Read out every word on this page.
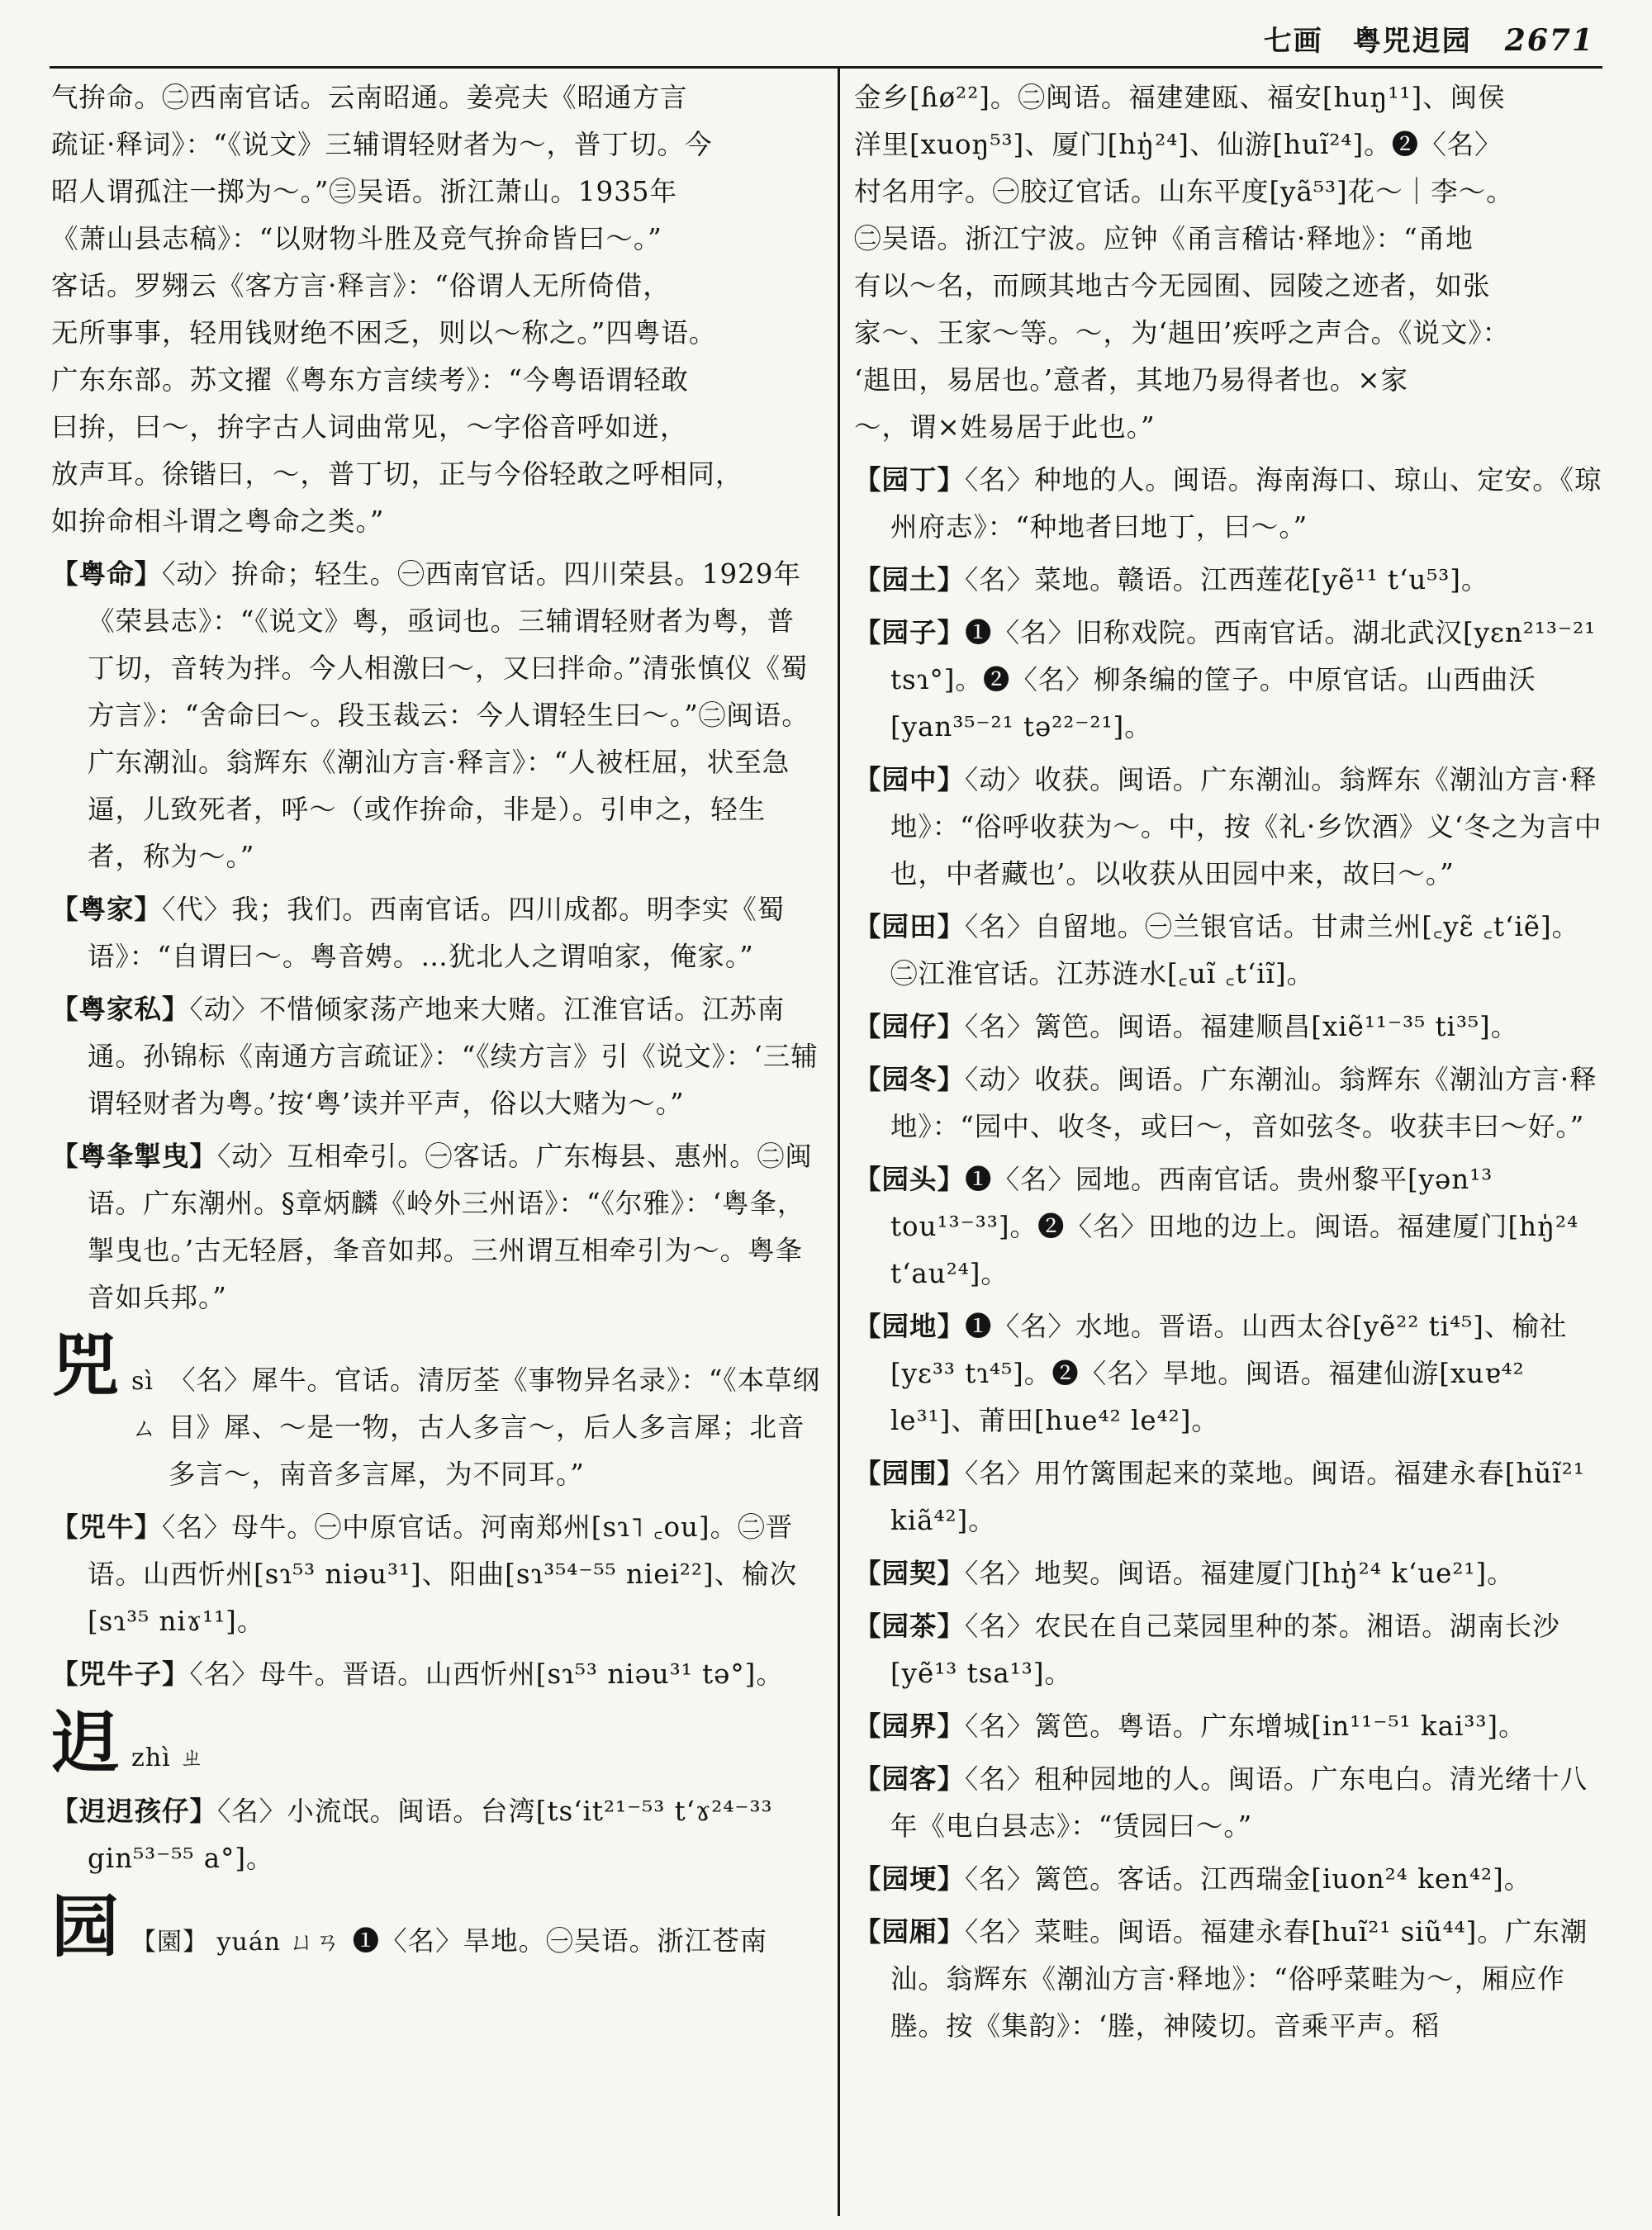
七画　粤兕迌园 2671
气拚命。㊁西南官话。云南昭通。姜亮夫《昭通方言
疏证·释词》：“《说文》三辅谓轻财者为～，普丁切。今
昭人谓孤注一掷为～。”㊂吴语。浙江萧山。1935年
《萧山县志稿》：“以财物斗胜及竞气拚命皆曰～。”
客话。罗翙云《客方言·释言》：“俗谓人无所倚借，
无所事事，轻用钱财绝不困乏，则以～称之。”四粤语。
广东东部。苏文擢《粤东方言续考》：“今粤语谓轻敢
曰拚，曰～，拚字古人词曲常见，～字俗音呼如迸，
放声耳。徐锴曰，～，普丁切，正与今俗轻敢之呼相同，
如拚命相斗谓之粤命之类。”
【粤命】〈动〉拚命；轻生。㊀西南官话。四川荣县。1929年《荣县志》：“《说文》粤，亟词也。三辅谓轻财者为粤，普丁切，音转为拌。今人相激曰～，又曰拌命。”清张慎仪《蜀方言》：“舍命曰～。段玉裁云：今人谓轻生曰～。”㊁闽语。广东潮汕。翁辉东《潮汕方言·释言》：“人被枉屈，状至急逼，儿致死者，呼～（或作拚命，非是）。引申之，轻生者，称为～。”
【粤家】〈代〉我；我们。西南官话。四川成都。明李实《蜀语》：“自谓曰～。粤音娉。…犹北人之谓咱家，俺家。”
【粤家私】〈动〉不惜倾家荡产地来大赌。江淮官话。江苏南通。孙锦标《南通方言疏证》：“《续方言》引《说文》：‘三辅谓轻财者为粤。’按‘粤’读并平声，俗以大赌为～。”
【粤夆掣曳】〈动〉互相牵引。㊀客话。广东梅县、惠州。㊁闽语。广东潮州。§章炳麟《岭外三州语》：“《尔雅》：‘粤夆，掣曳也。’古无轻唇，夆音如邦。三州谓互相牵引为～。粤夆音如兵邦。”
兕 sì ㄙ
〈名〉犀牛。官话。清厉荃《事物异名录》：“《本草纲目》犀、～是一物，古人多言～，后人多言犀；北音多言～，南音多言犀，为不同耳。”
【兕牛】〈名〉母牛。㊀中原官话。河南郑州[sɿ˥ ꜀ou]。㊁晋语。山西忻州[sɿ⁵³ niəu³¹]、阳曲[sɿ³⁵⁴⁻⁵⁵ niei²²]、榆次[sɿ³⁵ niɤ¹¹]。
【兕牛子】〈名〉母牛。晋语。山西忻州[sɿ⁵³ niəu³¹ tə°]。
迌 zhì ㄓ
【迌迌孩仔】〈名〉小流氓。闽语。台湾[ts‘it²¹⁻⁵³ t‘ɤ²⁴⁻³³ gin⁵³⁻⁵⁵ a°]。
园 【園】 yuán ㄩㄢ ❶〈名〉旱地。㊀吴语。浙江苍南
金乡[ɦø²²]。㊁闽语。福建建瓯、福安[huŋ¹¹]、闽侯
洋里[xuoŋ⁵³]、厦门[hŋ̍²⁴]、仙游[huĩ²⁴]。❷〈名〉
村名用字。㊀胶辽官话。山东平度[yã⁵³]花～｜李～。
㊁吴语。浙江宁波。应钟《甬言稽诂·释地》：“甬地
有以～名，而顾其地古今无园囿、园陵之迹者，如张
家～、王家～等。～，为‘趄田’疾呼之声合。《说文》：
‘趄田，易居也。’意者，其地乃易得者也。×家
～，谓×姓易居于此也。”
【园丁】〈名〉种地的人。闽语。海南海口、琼山、定安。《琼州府志》：“种地者曰地丁，曰～。”
【园土】〈名〉菜地。赣语。江西莲花[yẽ¹¹ t‘u⁵³]。
【园子】❶〈名〉旧称戏院。西南官话。湖北武汉[yɛn²¹³⁻²¹ tsɿ°]。❷〈名〉柳条编的筐子。中原官话。山西曲沃[yan³⁵⁻²¹ tə²²⁻²¹]。
【园中】〈动〉收获。闽语。广东潮汕。翁辉东《潮汕方言·释地》：“俗呼收获为～。中，按《礼·乡饮酒》义‘冬之为言中也，中者藏也’。以收获从田园中来，故曰～。”
【园田】〈名〉自留地。㊀兰银官话。甘肃兰州[꜀yɛ̃ ꜀t‘iẽ]。㊁江淮官话。江苏涟水[꜀uĩ ꜀t‘iĩ]。
【园仔】〈名〉篱笆。闽语。福建顺昌[xiẽ¹¹⁻³⁵ ti³⁵]。
【园冬】〈动〉收获。闽语。广东潮汕。翁辉东《潮汕方言·释地》：“园中、收冬，或曰～，音如弦冬。收获丰曰～好。”
【园头】❶〈名〉园地。西南官话。贵州黎平[yən¹³ tou¹³⁻³³]。❷〈名〉田地的边上。闽语。福建厦门[hŋ̍²⁴ t‘au²⁴]。
【园地】❶〈名〉水地。晋语。山西太谷[yẽ²² ti⁴⁵]、榆社[yɛ³³ tɿ⁴⁵]。❷〈名〉旱地。闽语。福建仙游[xuɐ⁴² le³¹]、莆田[hue⁴² le⁴²]。
【园围】〈名〉用竹篱围起来的菜地。闽语。福建永春[hŭĩ²¹ kiã⁴²]。
【园契】〈名〉地契。闽语。福建厦门[hŋ̍²⁴ k‘ue²¹]。
【园茶】〈名〉农民在自己菜园里种的茶。湘语。湖南长沙[yẽ¹³ tsa¹³]。
【园界】〈名〉篱笆。粤语。广东增城[in¹¹⁻⁵¹ kai³³]。
【园客】〈名〉租种园地的人。闽语。广东电白。清光绪十八年《电白县志》：“赁园曰～。”
【园埂】〈名〉篱笆。客话。江西瑞金[iuon²⁴ ken⁴²]。
【园厢】〈名〉菜畦。闽语。福建永春[huĩ²¹ siũ⁴⁴]。广东潮汕。翁辉东《潮汕方言·释地》：“俗呼菜畦为～，厢应作塍。按《集韵》：‘塍，神陵切。音乘平声。稻
